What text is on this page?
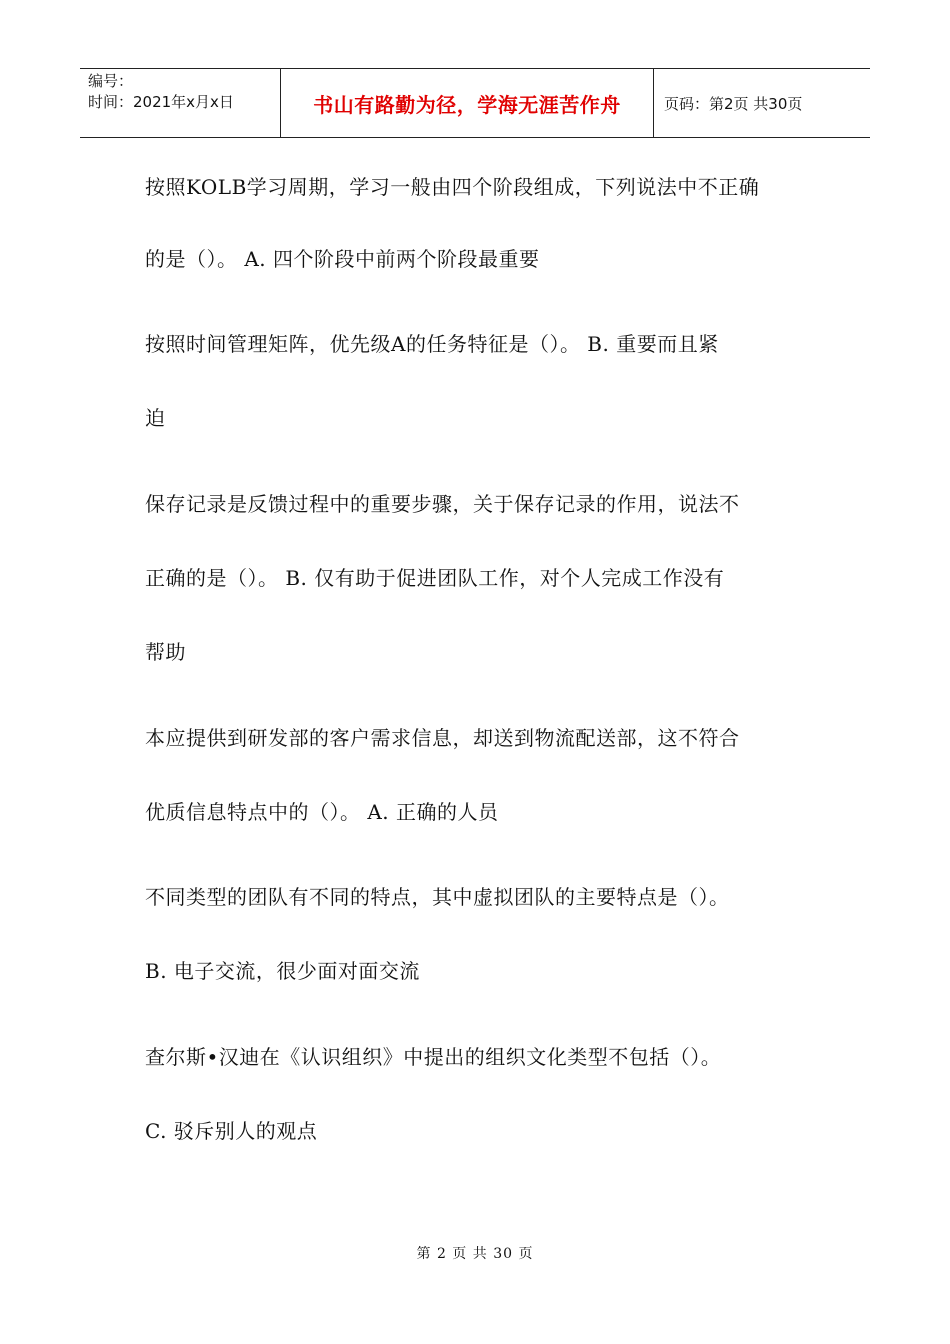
编号：
时间：2021年x月x日	书山有路勤为径，学海无涯苦作舟	页码：第2页 共30页
按照KOLB学习周期，学习一般由四个阶段组成，下列说法中不正确
的是（）。 A. 四个阶段中前两个阶段最重要
按照时间管理矩阵，优先级A的任务特征是（）。 B. 重要而且紧
迫
保存记录是反馈过程中的重要步骤，关于保存记录的作用，说法不
正确的是（）。 B. 仅有助于促进团队工作，对个人完成工作没有
帮助
本应提供到研发部的客户需求信息，却送到物流配送部，这不符合
优质信息特点中的（）。 A. 正确的人员
不同类型的团队有不同的特点，其中虚拟团队的主要特点是（）。
B. 电子交流，很少面对面交流
查尔斯•汉迪在《认识组织》中提出的组织文化类型不包括（）。
C. 驳斥别人的观点
第 2 页 共 30 页
